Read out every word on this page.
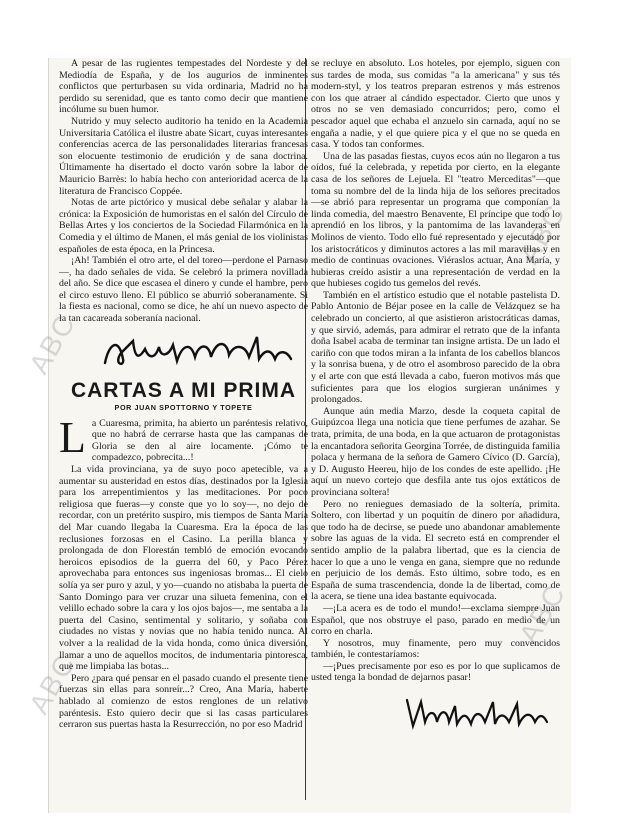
ABC
ABC
ABC
ABC

A pesar de las rugientes tempestades del Nordeste y del Mediodía de España, y de los augurios de inminentes conflictos que perturbasen su vida ordinaria, Madrid no ha perdido su serenidad, que es tanto como decir que mantiene incólume su buen humor.

Nutrido y muy selecto auditorio ha tenido en la Academia Universitaria Católica el ilustre abate Sicart, cuyas interesantes conferencias acerca de las personalidades literarias francesas son elocuente testimonio de erudición y de sana doctrina. Últimamente ha disertado el docto varón sobre la labor de Mauricio Barrès: lo había hecho con anterioridad acerca de la literatura de Francisco Coppée.

Notas de arte pictórico y musical debe señalar y alabar la crónica: la Exposición de humoristas en el salón del Círculo de Bellas Artes y los conciertos de la Sociedad Filarmónica en la Comedia y el último de Manen, el más genial de los violinistas españoles de esta época, en la Princesa.

¡Ah! También el otro arte, el del toreo—perdone el Parnaso—, ha dado señales de vida. Se celebró la primera novillada del año. Se dice que escasea el dinero y cunde el hambre, pero el circo estuvo lleno. El público se aburrió soberanamente. Si la fiesta es nacional, como se dice, he ahí un nuevo aspecto de la tan cacareada soberanía nacional.

CARTAS A MI PRIMA
POR JUAN SPOTTORNO Y TOPETE
L a Cuaresma, primita, ha abierto un paréntesis relativo, que no habrá de cerrarse hasta que las campanas de Gloria se den al aire locamente. ¡Cómo te compadezco, pobrecita...!

La vida provinciana, ya de suyo poco apetecible, va a aumentar su austeridad en estos días, destinados por la Iglesia para los arrepentimientos y las meditaciones. Por poco religiosa que fueras—y conste que yo lo soy—, no dejo de recordar, con un pretérito suspiro, mis tiempos de Santa María del Mar cuando llegaba la Cuaresma. Era la época de las reclusiones forzosas en el Casino. La perilla blanca y prolongada de don Florestán tembló de emoción evocando heroicos episodios de la guerra del 60, y Paco Pérez aprovechaba para entonces sus ingeniosas bromas... El cielo solía ya ser puro y azul, y yo—cuando no atisbaba la puerta de Santo Domingo para ver cruzar una silueta femenina, con el velillo echado sobre la cara y los ojos bajos—, me sentaba a la puerta del Casino, sentimental y solitario, y soñaba con ciudades no vistas y novias que no había tenido nunca. Al volver a la realidad de la vida honda, como única diversión, llamar a uno de aquellos mocitos, de indumentaria pintoresca, que me limpiaba las botas...

Pero ¿para qué pensar en el pasado cuando el presente tiene fuerzas sin ellas para sonreír...? Creo, Ana María, haberte hablado al comienzo de estos renglones de un relativo paréntesis. Esto quiero decir que si las casas particulares cerraron sus puertas hasta la Resurrección, no por eso Madrid

se recluye en absoluto. Los hoteles, por ejemplo, siguen con sus tardes de moda, sus comidas "a la americana" y sus tés modern-styl, y los teatros preparan estrenos y más estrenos con los que atraer al cándido espectador. Cierto que unos y otros no se ven demasiado concurridos; pero, como el pescador aquel que echaba el anzuelo sin carnada, aquí no se engaña a nadie, y el que quiere pica y el que no se queda en casa. Y todos tan conformes.

Una de las pasadas fiestas, cuyos ecos aún no llegaron a tus oídos, fué la celebrada, y repetida por cierto, en la elegante casa de los señores de Lejuela. El "teatro Merceditas"—que toma su nombre del de la linda hija de los señores precitados—se abrió para representar un programa que componían la linda comedia, del maestro Benavente, El príncipe que todo lo aprendió en los libros, y la pantomima de las lavanderas en Molinos de viento. Todo ello fué representado y ejecutado por los aristocráticos y diminutos actores a las mil maravillas y en medio de continuas ovaciones. Viéraslos actuar, Ana María, y hubieras creído asistir a una representación de verdad en la que hubieses cogido tus gemelos del revés.

También en el artístico estudio que el notable pastelista D. Pablo Antonio de Béjar posee en la calle de Velázquez se ha celebrado un concierto, al que asistieron aristocráticas damas, y que sirvió, además, para admirar el retrato que de la infanta doña Isabel acaba de terminar tan insigne artista. De un lado el cariño con que todos miran a la infanta de los cabellos blancos y la sonrisa buena, y de otro el asombroso parecido de la obra y el arte con que está llevada a cabo, fueron motivos más que suficientes para que los elogios surgieran unánimes y prolongados.

Aunque aún media Marzo, desde la coqueta capital de Guipúzcoa llega una noticia que tiene perfumes de azahar. Se trata, primita, de una boda, en la que actuaron de protagonistas la encantadora señorita Georgina Torrée, de distinguida familia polaca y hermana de la señora de Gamero Cívico (D. García), y D. Augusto Heereu, hijo de los condes de este apellido. ¡He aquí un nuevo cortejo que desfila ante tus ojos extáticos de provinciana soltera!

Pero no reniegues demasiado de la soltería, primita. Soltero, con libertad y un poquitín de dinero por añadidura, que todo ha de decirse, se puede uno abandonar amablemente sobre las aguas de la vida. El secreto está en comprender el sentido amplio de la palabra libertad, que es la ciencia de hacer lo que a uno le venga en gana, siempre que no redunde en perjuicio de los demás. Esto último, sobre todo, es en España de suma trascendencia, donde la de libertad, como de la acera, se tiene una idea bastante equivocada.

—¡La acera es de todo el mundo!—exclama siempre Juan Español, que nos obstruye el paso, parado en medio de un corro en charla.

Y nosotros, muy finamente, pero muy convencidos también, le contestaríamos:

—¡Pues precisamente por eso es por lo que suplicamos de usted tenga la bondad de dejarnos pasar!
